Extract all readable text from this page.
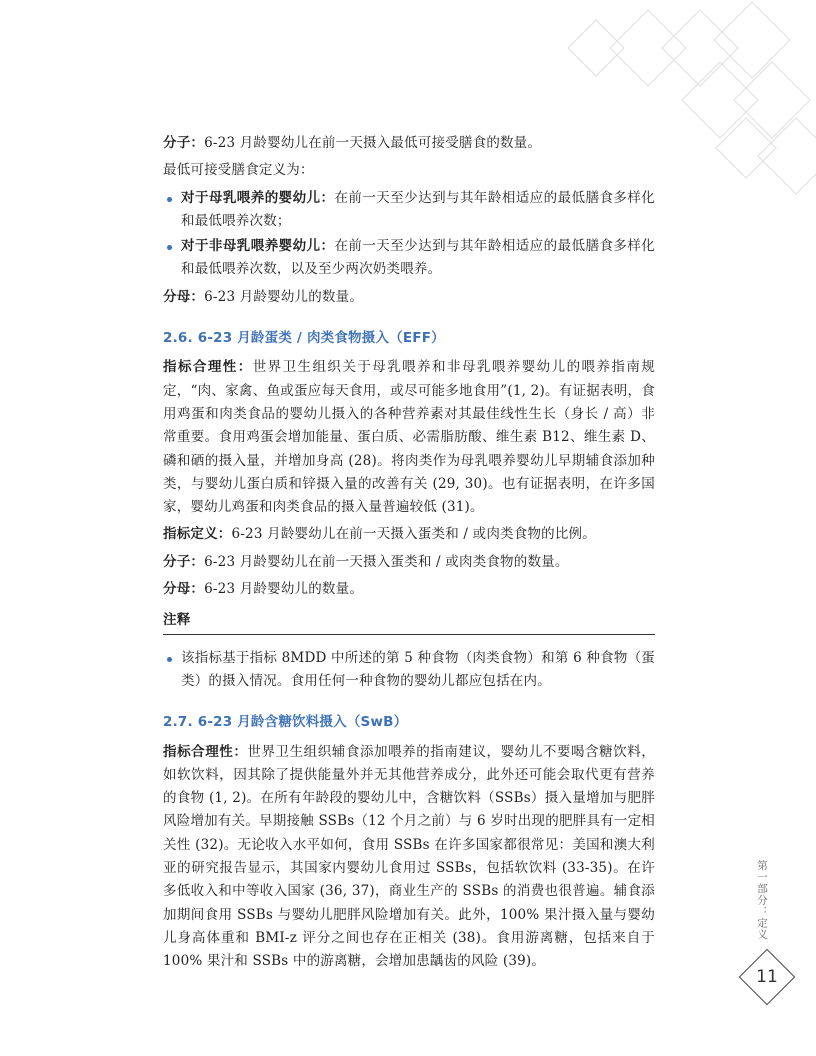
分子：6-23 月龄婴幼儿在前一天摄入最低可接受膳食的数量。

最低可接受膳食定义为：

对于母乳喂养的婴幼儿：在前一天至少达到与其年龄相适应的最低膳食多样化和最低喂养次数；
对于非母乳喂养婴幼儿：在前一天至少达到与其年龄相适应的最低膳食多样化和最低喂养次数，以及至少两次奶类喂养。

分母：6-23 月龄婴幼儿的数量。

2.6. 6-23 月龄蛋类 / 肉类食物摄入（EFF）

指标合理性：世界卫生组织关于母乳喂养和非母乳喂养婴幼儿的喂养指南规定，“肉、家禽、鱼或蛋应每天食用，或尽可能多地食用”(1, 2)。有证据表明，食用鸡蛋和肉类食品的婴幼儿摄入的各种营养素对其最佳线性生长（身长 / 高）非常重要。食用鸡蛋会增加能量、蛋白质、必需脂肪酸、维生素 B12、维生素 D、磷和硒的摄入量，并增加身高 (28)。将肉类作为母乳喂养婴幼儿早期辅食添加种类，与婴幼儿蛋白质和锌摄入量的改善有关 (29, 30)。也有证据表明，在许多国家，婴幼儿鸡蛋和肉类食品的摄入量普遍较低 (31)。

指标定义：6-23 月龄婴幼儿在前一天摄入蛋类和 / 或肉类食物的比例。

分子：6-23 月龄婴幼儿在前一天摄入蛋类和 / 或肉类食物的数量。

分母：6-23 月龄婴幼儿的数量。

注释
该指标基于指标 8MDD 中所述的第 5 种食物（肉类食物）和第 6 种食物（蛋类）的摄入情况。食用任何一种食物的婴幼儿都应包括在内。
2.7. 6-23 月龄含糖饮料摄入（SwB）

指标合理性：世界卫生组织辅食添加喂养的指南建议，婴幼儿不要喝含糖饮料，如软饮料，因其除了提供能量外并无其他营养成分，此外还可能会取代更有营养的食物 (1, 2)。在所有年龄段的婴幼儿中，含糖饮料（SSBs）摄入量增加与肥胖风险增加有关。早期接触 SSBs（12 个月之前）与 6 岁时出现的肥胖具有一定相关性 (32)。无论收入水平如何，食用 SSBs 在许多国家都很常见：美国和澳大利亚的研究报告显示，其国家内婴幼儿食用过 SSBs，包括软饮料 (33-35)。在许多低收入和中等收入国家 (36, 37)，商业生产的 SSBs 的消费也很普遍。辅食添加期间食用 SSBs 与婴幼儿肥胖风险增加有关。此外，100% 果汁摄入量与婴幼儿身高体重和 BMI-z 评分之间也存在正相关 (38)。食用游离糖，包括来自于 100% 果汁和 SSBs 中的游离糖，会增加患龋齿的风险 (39)。

第一部分：定义
11
